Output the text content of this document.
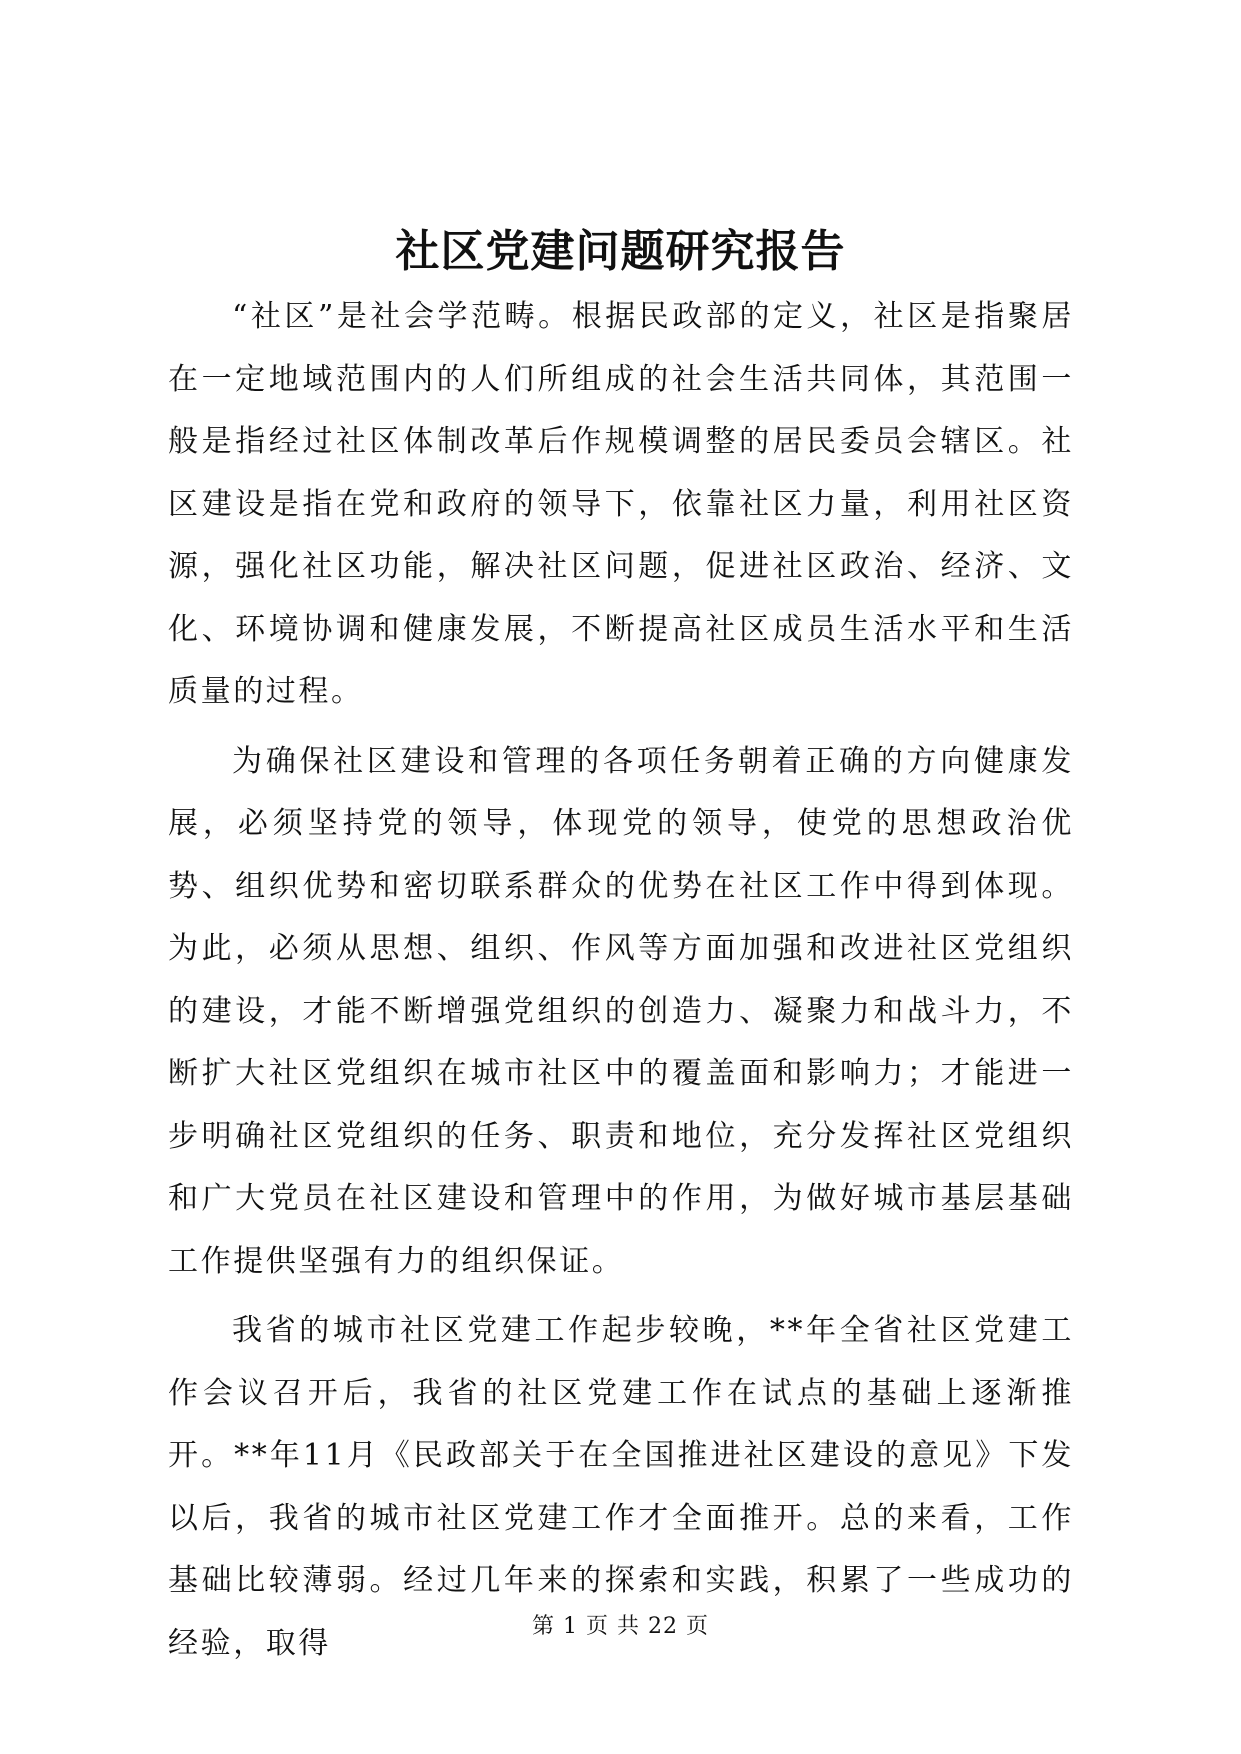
社区党建问题研究报告

“社区”是社会学范畴。根据民政部的定义，社区是指聚居在一定地域范围内的人们所组成的社会生活共同体，其范围一般是指经过社区体制改革后作规模调整的居民委员会辖区。社区建设是指在党和政府的领导下，依靠社区力量，利用社区资源，强化社区功能，解决社区问题，促进社区政治、经济、文化、环境协调和健康发展，不断提高社区成员生活水平和生活质量的过程。

为确保社区建设和管理的各项任务朝着正确的方向健康发展，必须坚持党的领导，体现党的领导，使党的思想政治优势、组织优势和密切联系群众的优势在社区工作中得到体现。为此，必须从思想、组织、作风等方面加强和改进社区党组织的建设，才能不断增强党组织的创造力、凝聚力和战斗力，不断扩大社区党组织在城市社区中的覆盖面和影响力；才能进一步明确社区党组织的任务、职责和地位，充分发挥社区党组织和广大党员在社区建设和管理中的作用，为做好城市基层基础工作提供坚强有力的组织保证。

我省的城市社区党建工作起步较晚，**年全省社区党建工作会议召开后，我省的社区党建工作在试点的基础上逐渐推开。**年11月《民政部关于在全国推进社区建设的意见》下发以后，我省的城市社区党建工作才全面推开。总的来看，工作基础比较薄弱。经过几年来的探索和实践，积累了一些成功的经验，取得	第 1 页 共 22 页
